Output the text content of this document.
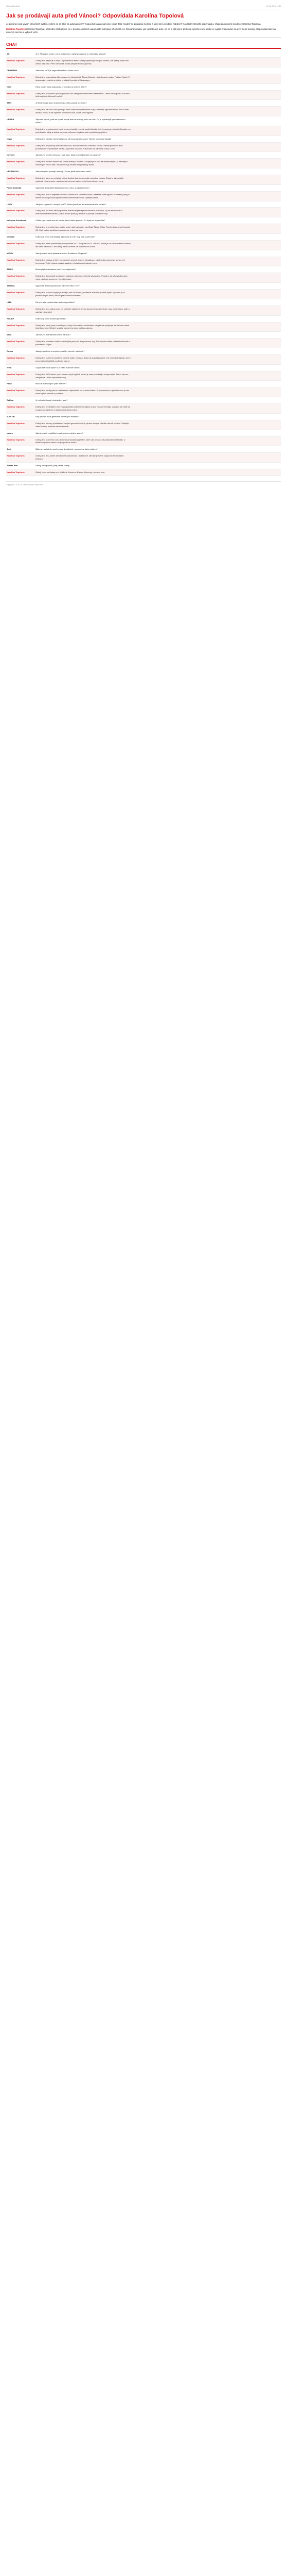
Olomoucký deník	19. 12. 2013, 14:30
Jak se prodávají auta před Vánoci? Odpovídala Karolína Topolová

Je prosinec pod vlivem vánočních svátků, ovšem co se děje na autosalonech? Kupují lidé auta i na konci roku? Jaké modely se prodávají nejlépe a jaké slevy prodejci nabízejí? Na otázky čtenářů odpovídala v chatu zástupkyně prodejce Karolína Topolová.

Karolína Topolová Karolína Topolová, obchodní zástupkyně, se v prodeji osobních automobilů pohybuje již několik let. Čtenářům radila, jak vybrat nové auto, na co si dát pozor při koupi ojetého vozu a kdy se vyplatí financování na úvěr nebo leasing. Odpovídala také na dotazy k servisu a výbavě vozů.

CHAT
SK	Je v ČR zájem spíše o nová auta nebo o ojetiny? A jak se to mění před Vánoci?
Karolína Topolová	Dobrý den, zájem je o oboje. V posledních letech roste poptávka po nových vozech, ale ojetiny stále tvoří velkou část trhu. Před Vánoci se prodej obvykle trochu zpomalí.
DENMARK	Jaké auto v ČR je nejprodávanější v tomto roce?
Karolína Topolová	Dobrý den, nejprodávanějším vozem je dlouhodobě Škoda Octavia, následovaná modely Fabia a Rapid. Z dovozových značek se dobře prodává Hyundai a Volkswagen.
KOD	Který model byste doporučila pro rodinu se dvěma dětmi?
Karolína Topolová	Dobrý den, pro rodinu bych doporučila vůz kategorie kombi nebo menší MPV. Záleží na rozpočtu a na tom, kolik najedete kilometrů ročně.
ANTI	Je lepší koupit auto na konci roku, nebo počkat do ledna?
Karolína Topolová	Dobrý den, na konci roku prodejci často doprodávají skladové vozy a nabízejí zajímavé slevy. Pokud vám nevadí, že vůz bude vyroben v letošním roce, může se to vyplatit.
HRANA	Zajímalo by mě, jestli se vyplatí koupit auto na leasing nebo na úvěr. Co je výhodnější pro soukromou osobu?
Karolína Topolová	Dobrý den, u soukromých osob se dnes častěji využívá spotřebitelský úvěr. Leasing je výhodnější spíše pro podnikatele. Vždy je dobré porovnat celkovou přeplacenost a podmínky pojištění.
eeyer	Dobrý den, na jaké věci si dát pozor při koupi ojetého vozu? Nechci se nechat napálit.
Karolína Topolová	Dobrý den, doporučuji ověřit historii vozu, stav tachometru a servisní knížku. Ideální je nechat auto prohlédnout v nezávislém servisu a prověřit VIN kód. Pozor také na nápadně nízkou cenu.
Novozer	Jak dlouho se dnes čeká na nové auto, když si ho objednám na zakázku?
Karolína Topolová	Dobrý den, dodací lhůta se liší podle značky a modelu. Obvykle je to šest až dvanáct týdnů, u některých oblíbených verzí i déle. Skladové vozy můžete mít prakticky ihned.
HRONACKA	Jaké slevy teď prodejci nabízejí? Dá se ještě smlouvat o ceně?
Karolína Topolová	Dobrý den, slevy se pohybují v řádu desítek tisíc korun podle modelu a výbavy. Často je výhodnější vyjednat výbavu navíc, například zimní pneumatiky, než přímou slevu z ceny.
Pavel Kostelka	Vyplatí se dnes ještě dieselový motor, nebo už spíše benzín?
Karolína Topolová	Dobrý den, pokud najedete více než dvacet tisíc kilometrů ročně, diesel se stále vyplatí. Pro kratší jízdy po městě bych doporučila spíše moderní benzínový motor s přeplňováním.
LUKY	Jak je to s garancí u nových vozů? Musím jezdit jen do autorizovaného servisu?
Karolína Topolová	Dobrý den, po dobu záruky je nutné dodržovat předepsané servisní prohlídky. Ty lze absolvovat i v neautorizovaném servisu, pokud dodrží postupy výrobce a použije schválené díly.
Kristýna Jiroušková	Chtěla bych malé auto do města, které dobře parkuje. Co byste mi doporučila?
Karolína Topolová	Dobrý den, pro město jsou ideální vozy malé kategorie, například Škoda Citigo, Toyota Aygo nebo Hyundai i10. Mají nízkou spotřebu a snadno se s nimi parkuje.
venerka	Kolik stojí zimní pneumatiky a je nutné je mít? Kdy platí povinnost?
Karolína Topolová	Dobrý den, zimní pneumatiky jsou povinné od 1. listopadu do 31. března, pokud je na silnici sněhová vrstva, led nebo námraza. Cena sady začíná zhruba na osmi tisících korun.
MICKY	Jaký je rozdíl mezi výbavami Active, Ambition a Elegance?
Karolína Topolová	Dobrý den, výbavy se liší v komfortních prvcích, jako je klimatizace, multimédia, parkovací senzory či tempomat. Vyšší výbava obvykle zvyšuje i zůstatkovou hodnotu vozu.
JAN S	Mohu přijít na zkušební jízdu i bez objednání?
Karolína Topolová	Dobrý den, doporučuji se předem objednat, abychom měli vůz připravený. Pokud je ale předváděcí auto volné, rádi vás svezeme i bez objednání.
JANATA	Vyplatí se dnes kupovat auto na CNG nebo LPG?
Karolína Topolová	Dobrý den, provoz na plyn je levnější než na benzín, počáteční investice je však vyšší. Výhodné je to především pro řidiče, kteří najezdí hodně kilometrů.
LIBA	Dá se u vás vyměnit staré auto na protiúčet?
Karolína Topolová	Dobrý den, ano, výkup vozu na protiúčet nabízíme. Cenu stanovíme po prohlídce vozu podle stavu, stáří a najetých kilometrů.
ROUDY	Kolik stojí první servisní prohlídka?
Karolína Topolová	Dobrý den, cena první prohlídky se odvíjí od modelu a motorizace, obvykle se pohybuje mezi třemi a šesti tisíci korunami. Některé značky nabízejí servisní balíčky zdarma.
pavo	Jak dlouho trvá vyřízení úvěru na auto?
Karolína Topolová	Dobrý den, schválení úvěru trvá obvykle jeden až dva pracovní dny. Potřebovat budete doklad totožnosti a potvrzení o příjmu.
Dušan	Jaká je spotřeba u nových modelů v zimních měsících?
Karolína Topolová	Dobrý den, v zimě je spotřeba obecně vyšší, zhruba o deset až dvacet procent. Vliv má nízká teplota, zimní pneumatiky i častější používání topení.
Iveta	Doporučila byste spíše SUV nebo klasické kombi?
Karolína Topolová	Dobrý den, SUV nabízí vyšší posez a lepší výhled, kombi je zase praktičtější a úspornější. Záleží na tom, zda jezdíte i mimo zpevněné cesty.
Hana	Můžu si auto koupit i přes internet?
Karolína Topolová	Dobrý den, konfiguraci a nezávaznou objednávku lze provést online. Kupní smlouvu a předání vozu je ale nutné vyřídit osobně u prodejce.
Dalibor	Je výhodné koupit předváděcí auto?
Karolína Topolová	Dobrý den, předváděcí vozy mají zpravidla velmi nízký nájezd a jsou výrazně levnější. Zárukou se neliší od nových aut, takže je to často velmi dobrá volba.
MARTIN	Kdy vychází nová generace oblíbených modelů?
Karolína Topolová	Dobrý den, termíny představení nových generací sdělují výrobci obvykle několik měsíců předem. Sledujte naše stránky, budeme vás informovat.
mateo	Jaký je rozdíl v pojištění mezi novým a ojetým autem?
Karolína Topolová	Dobrý den, u nového vozu doporučuji havarijní pojištění, které vás ochrání při poškození či krádeži. U starších ojetin se často volí jen povinné ručení.
Jurij	Můžu si nechat do nového auta dodatečně namontovat tažné zařízení?
Karolína Topolová	Dobrý den, ano, tažné zařízení lze namontovat i dodatečně. Montáž je nutné zapsat do technického průkazu.
Tomas Ron	Děkuji za odpovědi, přeji hezké svátky.
Karolína Topolová	Děkuji všem za dotazy a přeji klidné Vánoce a šťastné kilometry v novém roce.
Copyright © VLP a.s. Všechna práva vyhrazena.
